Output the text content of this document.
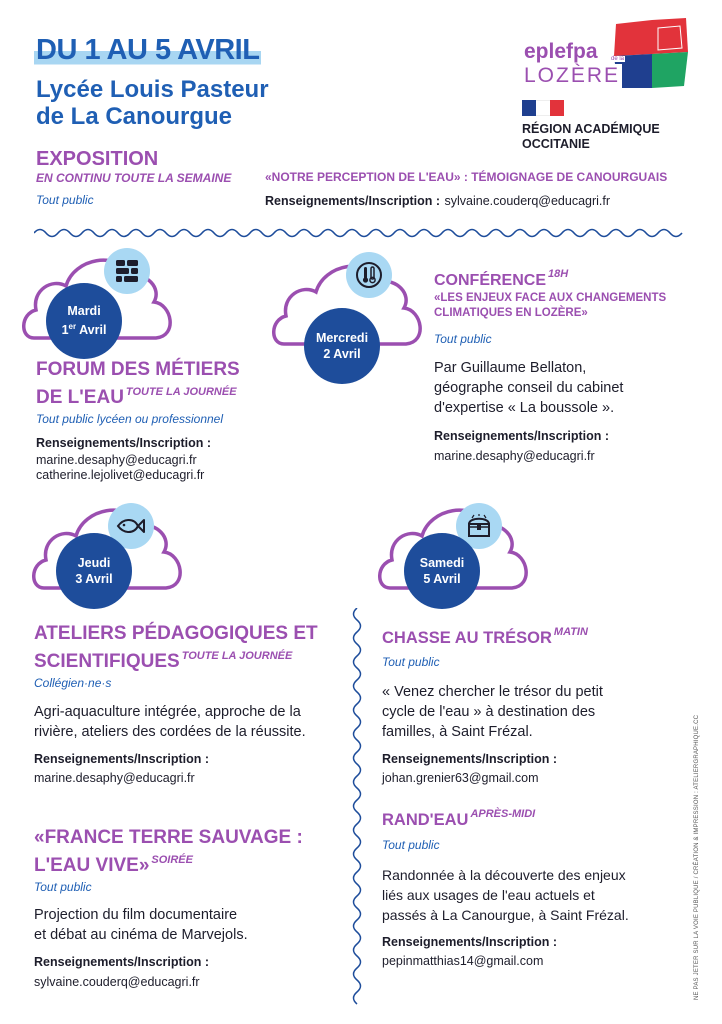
DU 1 AU 5 AVRIL
Lycée Louis Pasteur
de La Canourgue
eplefpa de la
LOZÈRE
RÉGION ACADÉMIQUE
OCCITANIE
EXPOSITION
EN CONTINU TOUTE LA SEMAINE
Tout public
«NOTRE PERCEPTION DE L'EAU» : TÉMOIGNAGE DE CANOURGUAIS
Renseignements/Inscription : sylvaine.couderq@educagri.fr
Mardi
1er Avril
Mercredi
2 Avril
FORUM DES MÉTIERS
DE L'EAU $^{TOUTE LA JOURNÉE}$
Tout public lycéen ou professionnel
Renseignements/Inscription :
marine.desaphy@educagri.fr
catherine.lejolivet@educagri.fr
CONFÉRENCE $^{18H}$
«LES ENJEUX FACE AUX CHANGEMENTS
CLIMATIQUES EN LOZÈRE»
Tout public
Par Guillaume Bellaton,
géographe conseil du cabinet
d'expertise « La boussole ».
Renseignements/Inscription :
marine.desaphy@educagri.fr
Jeudi
3 Avril
Samedi
5 Avril
ATELIERS PÉDAGOGIQUES ET
SCIENTIFIQUES $^{TOUTE LA JOURNÉE}$
Collégien·ne·s
Agri-aquaculture intégrée, approche de la
rivière, ateliers des cordées de la réussite.
Renseignements/Inscription :
marine.desaphy@educagri.fr
«FRANCE TERRE SAUVAGE :
L'EAU VIVE» $^{SOIRÉE}$
Tout public
Projection du film documentaire
et débat au cinéma de Marvejols.
Renseignements/Inscription :
sylvaine.couderq@educagri.fr
CHASSE AU TRÉSOR $^{MATIN}$
Tout public
« Venez chercher le trésor du petit
cycle de l'eau » à destination des
familles, à Saint Frézal.
Renseignements/Inscription :
johan.grenier63@gmail.com
RAND'EAU $^{APRÈS-MIDI}$
Tout public
Randonnée à la découverte des enjeux
liés aux usages de l'eau actuels et
passés à La Canourgue, à Saint Frézal.
Renseignements/Inscription :
pepinmatthias14@gmail.com	NE PAS JETER SUR LA VOIE PUBLIQUE / CRÉATION & IMPRESSION : ATELIERGRAPHIQUE.CC
